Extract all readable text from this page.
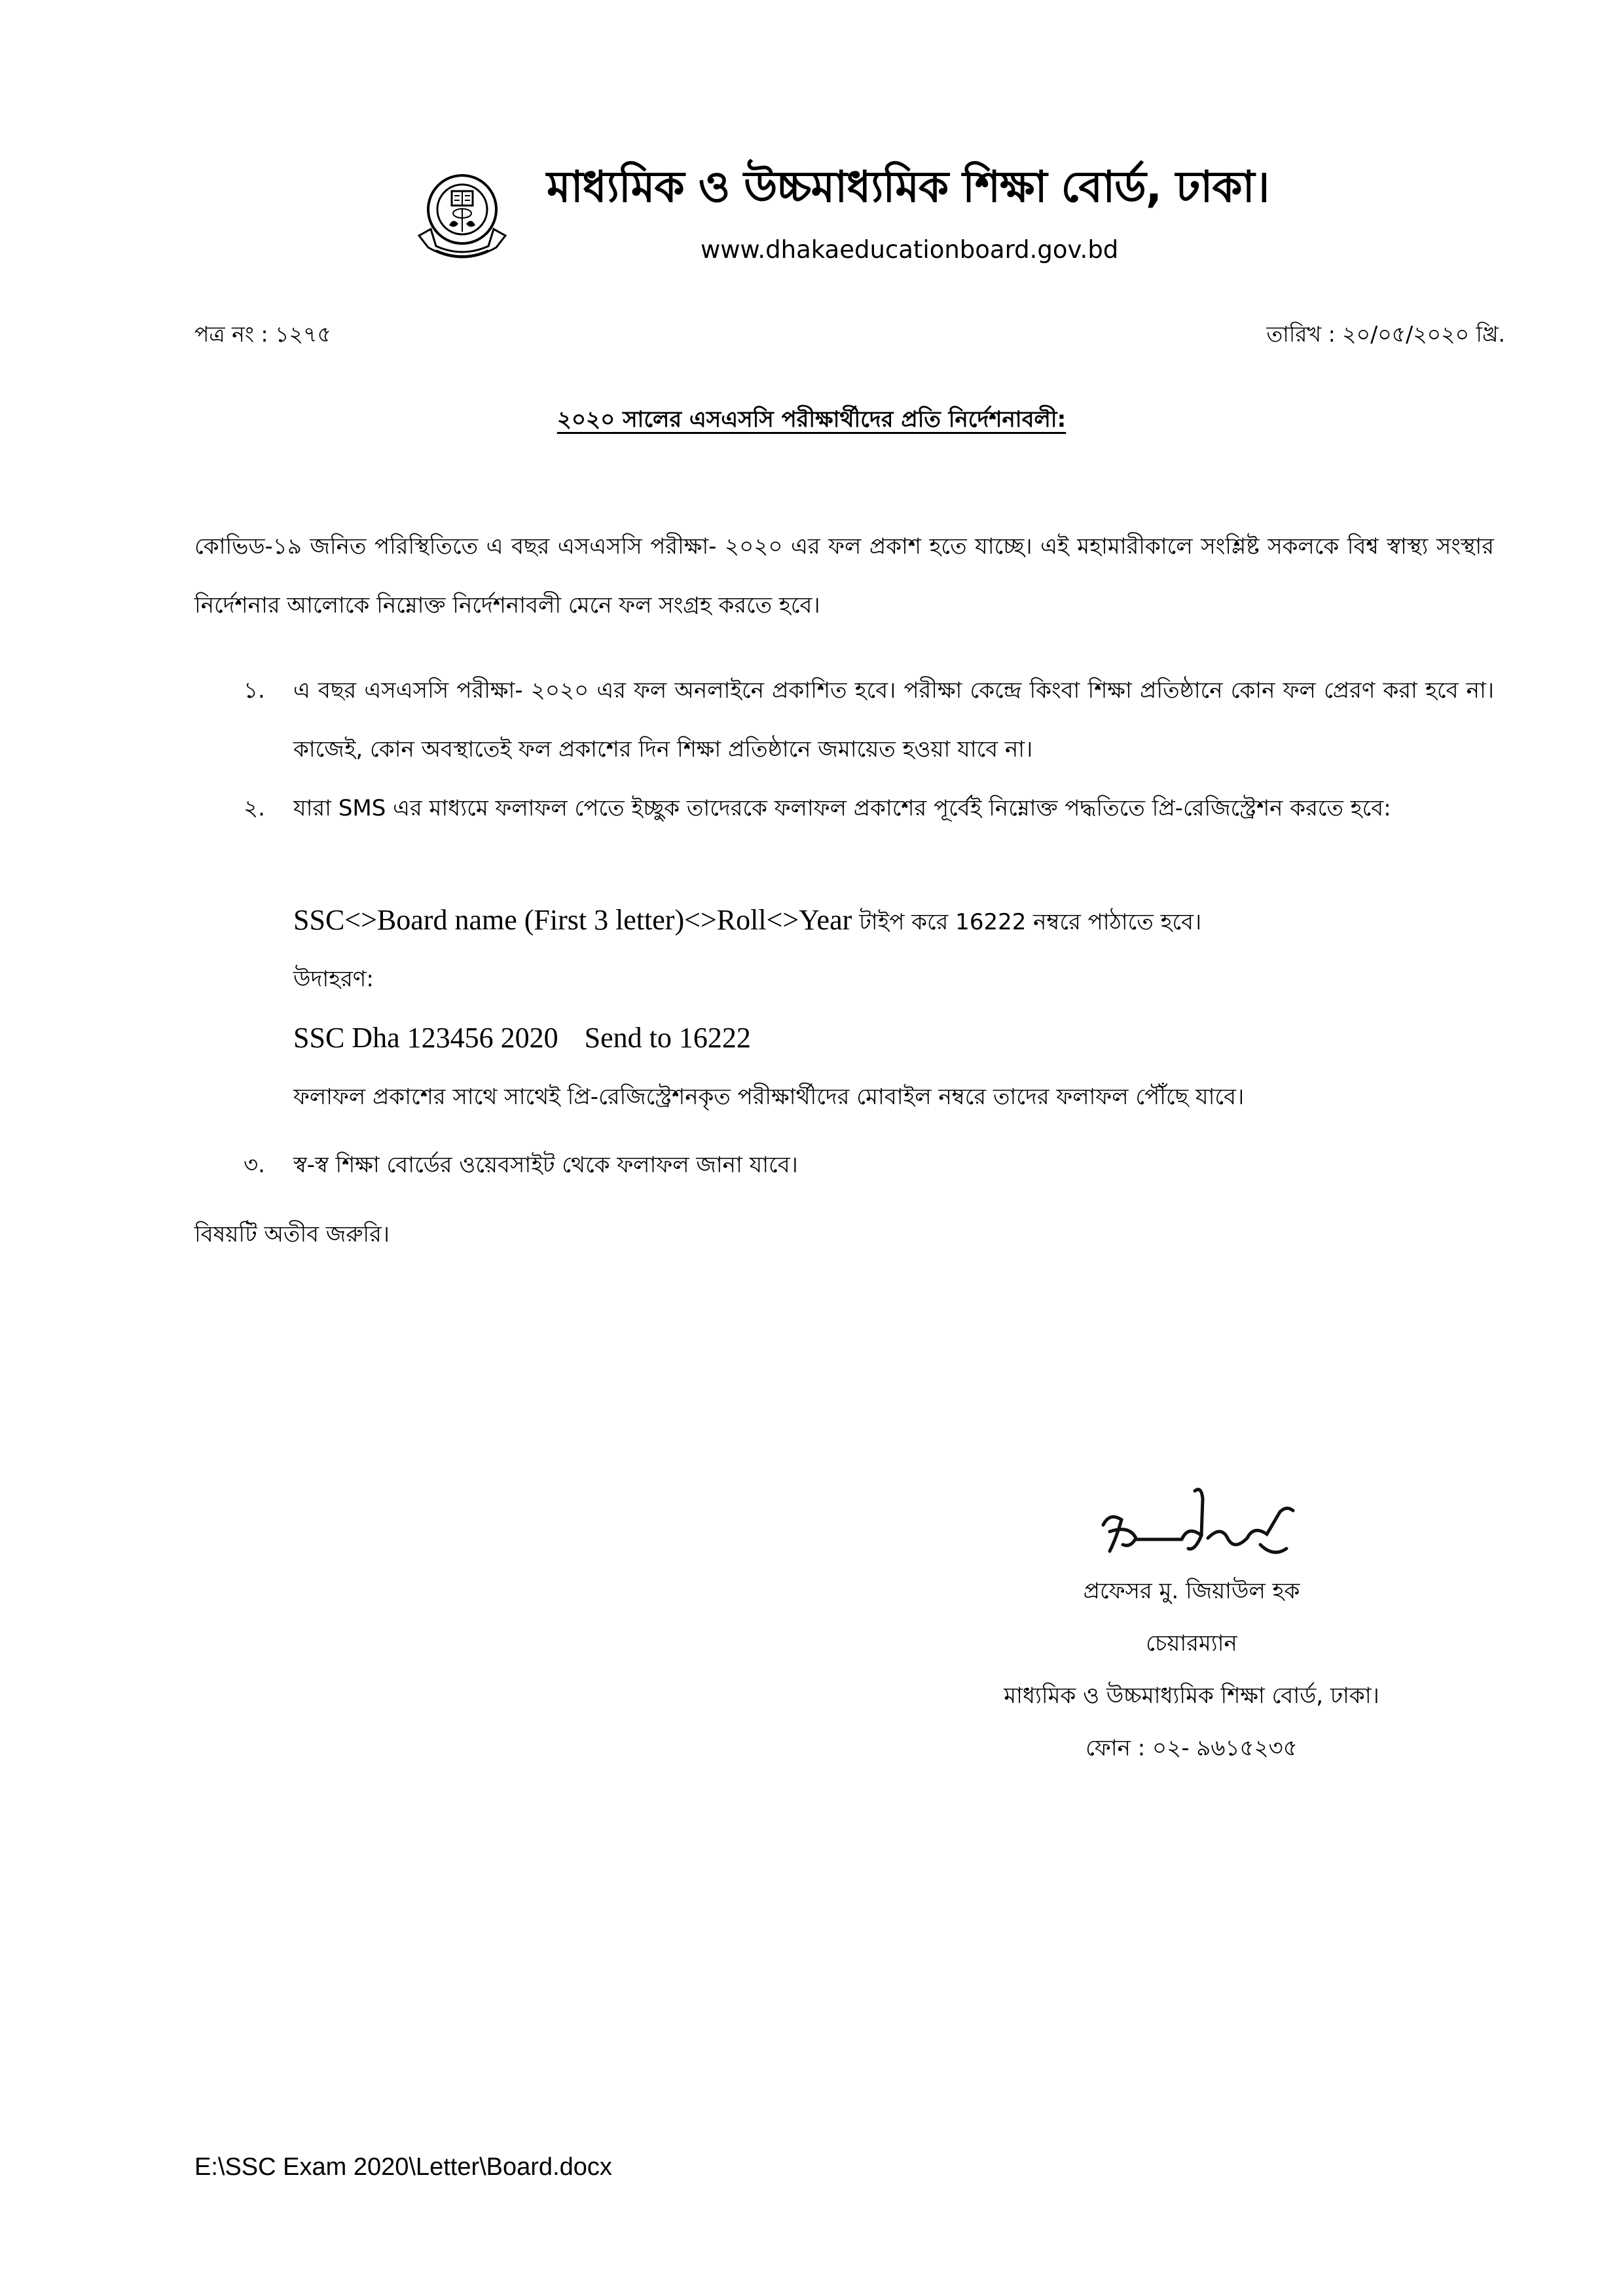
মাধ্যমিক ও উচ্চমাধ্যমিক শিক্ষা বোর্ড, ঢাকা।
www.dhakaeducationboard.gov.bd
পত্র নং : ১২৭৫	তারিখ : ২০/০৫/২০২০ খ্রি.
২০২০ সালের এসএসসি পরীক্ষার্থীদের প্রতি নির্দেশনাবলী:
কোভিড-১৯ জনিত পরিস্থিতিতে এ বছর এসএসসি পরীক্ষা- ২০২০ এর ফল প্রকাশ হতে যাচ্ছে। এই মহামারীকালে সংশ্লিষ্ট সকলকে বিশ্ব স্বাস্থ্য সংস্থার নির্দেশনার আলোকে নিম্নোক্ত নির্দেশনাবলী মেনে ফল সংগ্রহ করতে হবে।
১.	এ বছর এসএসসি পরীক্ষা- ২০২০ এর ফল অনলাইনে প্রকাশিত হবে। পরীক্ষা কেন্দ্রে কিংবা শিক্ষা প্রতিষ্ঠানে কোন ফল প্রেরণ করা হবে না। কাজেই, কোন অবস্থাতেই ফল প্রকাশের দিন শিক্ষা প্রতিষ্ঠানে জমায়েত হওয়া যাবে না।
২.	যারা SMS এর মাধ্যমে ফলাফল পেতে ইচ্ছুক তাদেরকে ফলাফল প্রকাশের পূর্বেই নিম্নোক্ত পদ্ধতিতে প্রি-রেজিস্ট্রেশন করতে হবে:
SSC<>Board name (First 3 letter)<>Roll<>Year টাইপ করে 16222 নম্বরে পাঠাতে হবে।
উদাহরণ:
SSC Dha 123456 2020 Send to 16222
ফলাফল প্রকাশের সাথে সাথেই প্রি-রেজিস্ট্রেশনকৃত পরীক্ষার্থীদের মোবাইল নম্বরে তাদের ফলাফল পৌঁছে যাবে।
৩.	স্ব-স্ব শিক্ষা বোর্ডের ওয়েবসাইট থেকে ফলাফল জানা যাবে।
বিষয়টি অতীব জরুরি।
প্রফেসর মু. জিয়াউল হক
চেয়ারম্যান
মাধ্যমিক ও উচ্চমাধ্যমিক শিক্ষা বোর্ড, ঢাকা।
ফোন : ০২- ৯৬১৫২৩৫
E:\SSC Exam 2020\Letter\Board.docx
